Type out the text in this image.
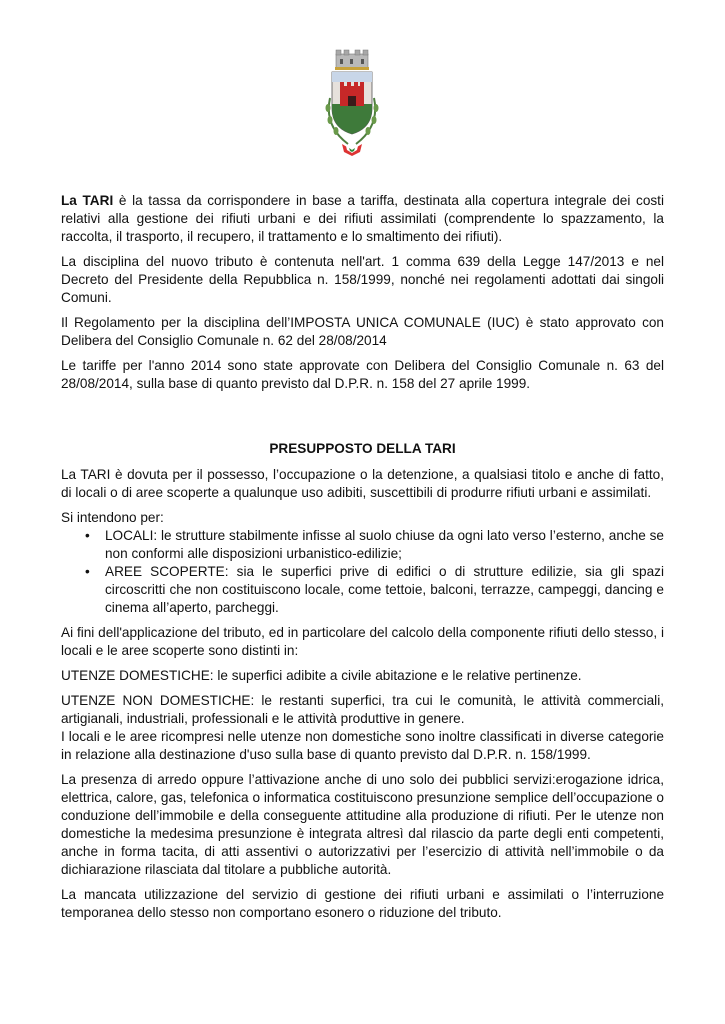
La TARI è la tassa da corrispondere in base a tariffa, destinata alla copertura integrale dei costi relativi alla gestione dei rifiuti urbani e dei rifiuti assimilati (comprendente lo spazzamento, la raccolta, il trasporto, il recupero, il trattamento e lo smaltimento dei rifiuti).

La disciplina del nuovo tributo è contenuta nell'art. 1 comma 639 della Legge 147/2013 e nel Decreto del Presidente della Repubblica n. 158/1999, nonché nei regolamenti adottati dai singoli Comuni.

Il Regolamento per la disciplina dell’IMPOSTA UNICA COMUNALE (IUC) è stato approvato con Delibera del Consiglio Comunale n. 62 del 28/08/2014

Le tariffe per l'anno 2014 sono state approvate con Delibera del Consiglio Comunale n. 63 del 28/08/2014, sulla base di quanto previsto dal D.P.R. n. 158 del 27 aprile 1999.

PRESUPPOSTO DELLA TARI

La TARI è dovuta per il possesso, l’occupazione o la detenzione, a qualsiasi titolo e anche di fatto, di locali o di aree scoperte a qualunque uso adibiti, suscettibili di produrre rifiuti urbani e assimilati.

Si intendono per:

• LOCALI: le strutture stabilmente infisse al suolo chiuse da ogni lato verso l’esterno, anche se non conformi alle disposizioni urbanistico-edilizie;
• AREE SCOPERTE: sia le superfici prive di edifici o di strutture edilizie, sia gli spazi circoscritti che non costituiscono locale, come tettoie, balconi, terrazze, campeggi, dancing e cinema all’aperto, parcheggi.

Ai fini dell'applicazione del tributo, ed in particolare del calcolo della componente rifiuti dello stesso, i locali e le aree scoperte sono distinti in:

UTENZE DOMESTICHE: le superfici adibite a civile abitazione e le relative pertinenze.

UTENZE NON DOMESTICHE: le restanti superfici, tra cui le comunità, le attività commerciali, artigianali, industriali, professionali e le attività produttive in genere.

I locali e le aree ricompresi nelle utenze non domestiche sono inoltre classificati in diverse categorie in relazione alla destinazione d'uso sulla base di quanto previsto dal D.P.R. n. 158/1999.

La presenza di arredo oppure l’attivazione anche di uno solo dei pubblici servizi:erogazione idrica, elettrica, calore, gas, telefonica o informatica costituiscono presunzione semplice dell’occupazione o conduzione dell’immobile e della conseguente attitudine alla produzione di rifiuti. Per le utenze non domestiche la medesima presunzione è integrata altresì dal rilascio da parte degli enti competenti, anche in forma tacita, di atti assentivi o autorizzativi per l’esercizio di attività nell’immobile o da dichiarazione rilasciata dal titolare a pubbliche autorità.

La mancata utilizzazione del servizio di gestione dei rifiuti urbani e assimilati o l’interruzione temporanea dello stesso non comportano esonero o riduzione del tributo.
